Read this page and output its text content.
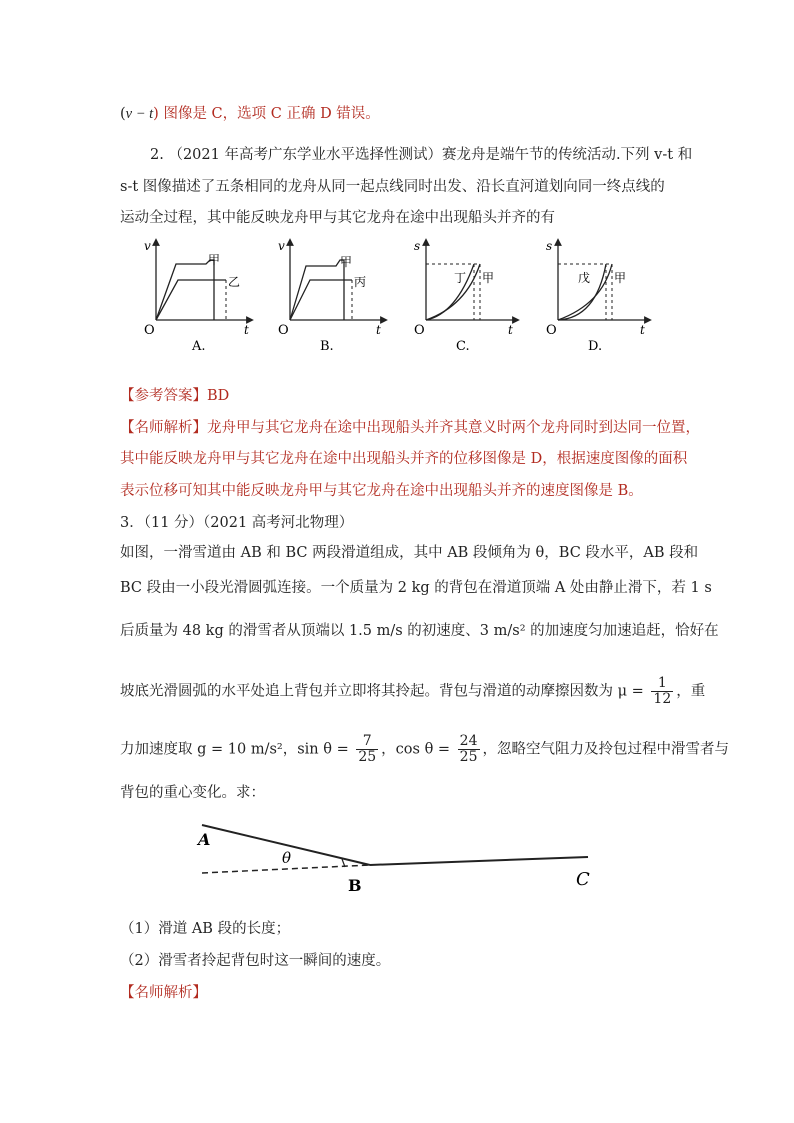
(v − t) 图像是 C，选项 C 正确 D 错误。
2. （2021 年高考广东学业水平选择性测试）赛龙舟是端午节的传统活动.下列 v-t 和
s-t 图像描述了五条相同的龙舟从同一起点线同时出发、沿长直河道划向同一终点线的
运动全过程，其中能反映龙舟甲与其它龙舟在途中出现船头并齐的有
v
O	t
甲
乙
A.
v
O	t
甲
丙
B.
s
O	t
丁 甲
C.
s
O	t
戊 甲
D.
【参考答案】BD
【名师解析】龙舟甲与其它龙舟在途中出现船头并齐其意义时两个龙舟同时到达同一位置，
其中能反映龙舟甲与其它龙舟在途中出现船头并齐的位移图像是 D，根据速度图像的面积
表示位移可知其中能反映龙舟甲与其它龙舟在途中出现船头并齐的速度图像是 B。
3．（11 分）（2021 高考河北物理）
如图，一滑雪道由 AB 和 BC 两段滑道组成，其中 AB 段倾角为 θ，BC 段水平，AB 段和
BC 段由一小段光滑圆弧连接。一个质量为 2 kg 的背包在滑道顶端 A 处由静止滑下，若 1 s
后质量为 48 kg 的滑雪者从顶端以 1.5 m/s 的初速度、3 m/s² 的加速度匀加速追赶，恰好在
坡底光滑圆弧的水平处追上背包并立即将其拎起。背包与滑道的动摩擦因数为 $\mu = \frac{1}{12}$ ，重
力加速度取 g = 10 m/s²，$\sin \theta = \frac{7}{25}$ ，$\cos \theta = \frac{24}{25}$ ，忽略空气阻力及拎包过程中滑雪者与
背包的重心变化。求：
A
B	C
θ
（1）滑道 AB 段的长度；
（2）滑雪者拎起背包时这一瞬间的速度。
【名师解析】
